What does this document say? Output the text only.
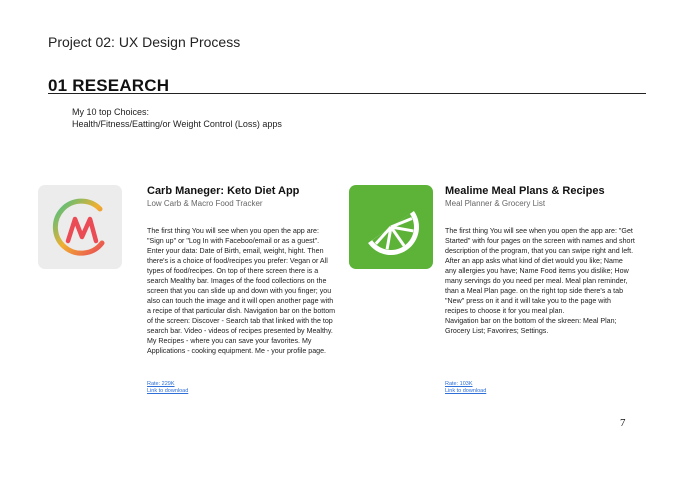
Project 02: UX Design Process
01 RESEARCH
My 10 top Choices:
Health/Fitness/Eatting/or Weight Control (Loss) apps
Carb Maneger: Keto Diet App
Low Carb & Macro Food Tracker
The first thing You will see when you open the app are: "Sign up" or "Log In with Faceboo/email or as a guest". Enter your data: Date of Birth, email, weight, hight. Then there's is a choice of food/recipes you prefer: Vegan or All types of food/recipes. On top of there screen there is a search Mealthy bar. Images of the food collections on the screen that you can slide up and down with you finger; you also can touch the image and it will open another page with a recipe of that particular dish. Navigation bar on the bottom of the screen: Discover - Search tab that linked with the top search bar. Video - videos of recipes presented by Mealthy. My Recipes - where you can save your favorites. My Applications - cooking equipment. Me - your profile page.
Rate: 229K
Link to download
Mealime Meal Plans & Recipes
Meal Planner & Grocery List
The first thing You will see when you open the app are: "Get Started" with four pages on the screen with names and short description of the program, that you can swipe right and left. After an app asks what kind of diet would you like; Name any allergies you have; Name Food items you dislike; How many servings do you need per meal. Meal plan reminder, than a Meal Plan page. on the right top side there's a tab "New" press on it and it will take you to the page with recipes to choose it for you meal plan.
Navigation bar on the bottom of the skreen: Meal Plan; Grocery List; Favorires; Settings.
Rate: 103K
Link to download
7
